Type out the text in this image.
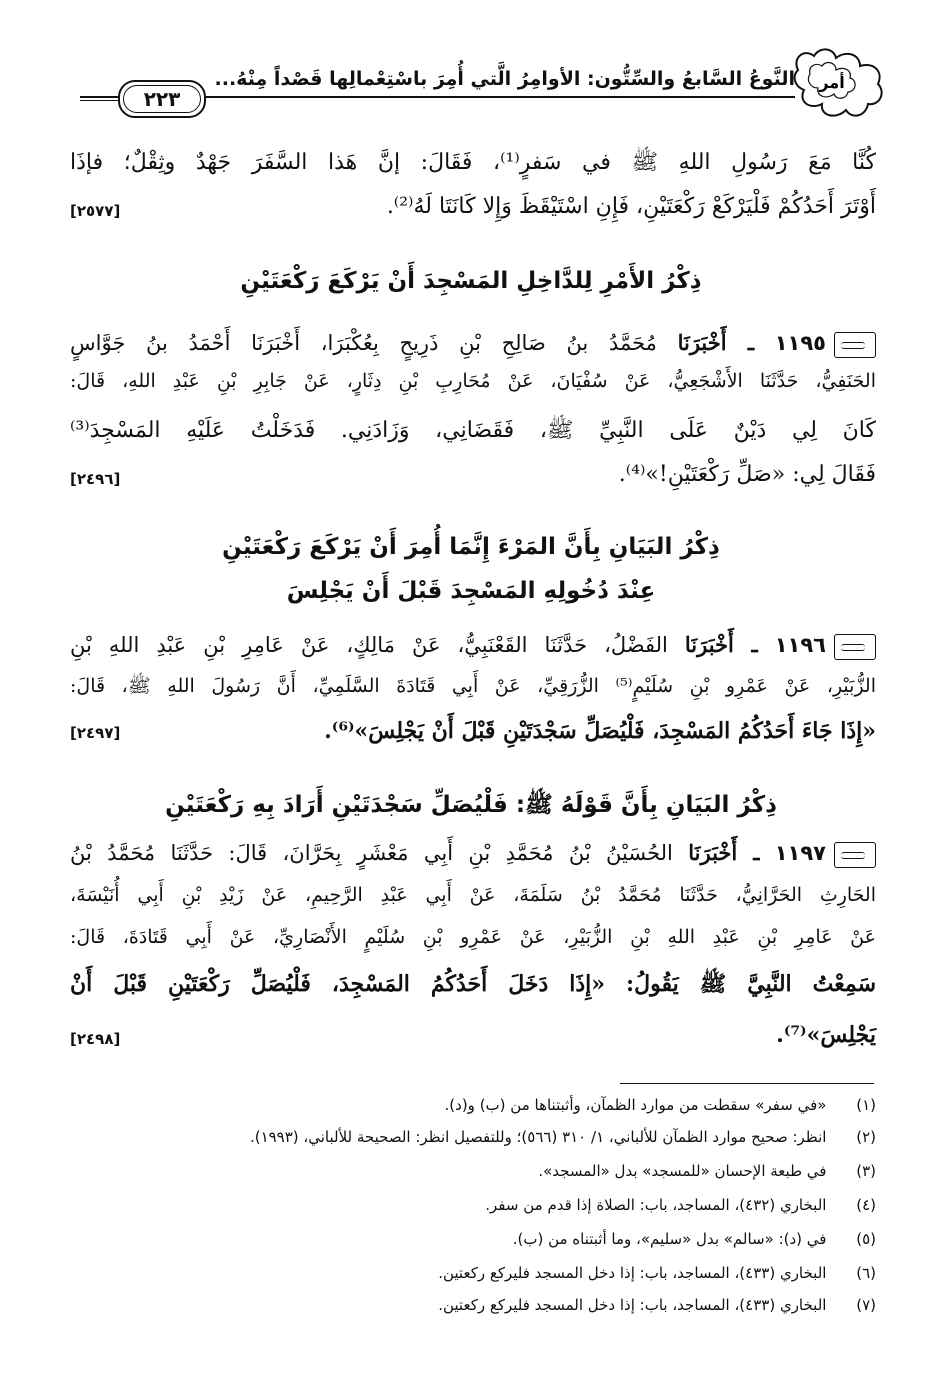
أمر
النَّوعُ السَّابعُ والسِّتُّون: الأوامِرُ الَّتي أُمِرَ باسْتِعْمالِها قَصْداً مِنْهُ...
٢٢٣
كُنَّا مَعَ رَسُولِ اللهِ ﷺ في سَفرٍ⁽¹⁾، فَقَالَ: إنَّ هَذا السَّفَرَ جَهْدٌ وثِقْلٌ؛ فإذَا
أَوْتَرَ أَحَدُكُمْ فَلْيَرْكَعْ رَكْعَتَيْنِ، فَإِنِ اسْتَيْقَظَ وَإِلا كَانَتَا لَهُ⁽²⁾.
[٢٥٧٧]
ذِكْرُ الأَمْرِ لِلدَّاخِلِ المَسْجِدَ أَنْ يَرْكَعَ رَكْعَتَيْنِ
١١٩٥ ـ أَخْبَرَنَا مُحَمَّدُ بنُ صَالِحِ بْنِ ذَرِيحٍ بِعُكْبَرَا، أَخْبَرَنَا أَحْمَدُ بنُ جَوَّاسٍ
الحَنَفِيُّ، حَدَّثَنَا الأَشْجَعِيُّ، عَنْ سُفْيَانَ، عَنْ مُحَارِبِ بْنِ دِثَارٍ، عَنْ جَابِرِ بْنِ عَبْدِ اللهِ، قَالَ:
كَانَ لِي دَيْنٌ عَلَى النَّبِيِّ ﷺ، فَقَضَانِي، وَزَادَنِي. فَدَخَلْتُ عَلَيْهِ المَسْجِدَ⁽³⁾
فَقَالَ لِي: «صَلِّ رَكْعَتَيْنِ!»⁽⁴⁾.
[٢٤٩٦]
ذِكْرُ البَيَانِ بِأَنَّ المَرْءَ إِنَّمَا أُمِرَ أَنْ يَرْكَعَ رَكْعَتَيْنِ
عِنْدَ دُخُولِهِ المَسْجِدَ قَبْلَ أَنْ يَجْلِسَ
١١٩٦ ـ أَخْبَرَنَا الفَضْلُ، حَدَّثَنَا القَعْنَبِيُّ، عَنْ مَالِكٍ، عَنْ عَامِرِ بْنِ عَبْدِ اللهِ بْنِ
الزُّبَيْرِ، عَنْ عَمْرِو بْنِ سُلَيْمٍ⁽⁵⁾ الزُّرَقِيِّ، عَنْ أَبِي قَتَادَةَ السَّلَمِيِّ، أَنَّ رَسُولَ اللهِ ﷺ، قَالَ:
«إِذَا جَاءَ أَحَدُكُمُ المَسْجِدَ، فَلْيُصَلِّ سَجْدَتَيْنِ قَبْلَ أَنْ يَجْلِسَ»⁽⁶⁾.
[٢٤٩٧]
ذِكْرُ البَيَانِ بِأَنَّ قَوْلَهُ ﷺ: فَلْيُصَلِّ سَجْدَتَيْنِ أَرَادَ بِهِ رَكْعَتَيْنِ
١١٩٧ ـ أَخْبَرَنَا الحُسَيْنُ بْنُ مُحَمَّدِ بْنِ أَبِي مَعْشَرٍ بِحَرَّانَ، قَالَ: حَدَّثَنَا مُحَمَّدُ بْنُ
الحَارِثِ الحَرَّانِيُّ، حَدَّثَنَا مُحَمَّدُ بْنُ سَلَمَةَ، عَنْ أَبِي عَبْدِ الرَّحِيمِ، عَنْ زَيْدِ بْنِ أَبِي أُنَيْسَةَ،
عَنْ عَامِرِ بْنِ عَبْدِ اللهِ بْنِ الزُّبَيْرِ، عَنْ عَمْرِو بْنِ سُلَيْمٍ الأَنْصَارِيِّ، عَنْ أَبِي قَتَادَةَ، قَالَ:
سَمِعْتُ النَّبِيَّ ﷺ يَقُولُ: «إِذَا دَخَلَ أَحَدُكُمُ المَسْجِدَ، فَلْيُصَلِّ رَكْعَتَيْنِ قَبْلَ أَنْ
يَجْلِسَ»⁽⁷⁾.
[٢٤٩٨]
(١)  «في سفر» سقطت من موارد الظمآن، وأثبتناها من (ب) و(د).
(٢)  انظر: صحيح موارد الظمآن للألباني، ١/ ٣١٠ (٥٦٦)؛ وللتفصيل انظر: الصحيحة للألباني، (١٩٩٣).
(٣)  في طبعة الإحسان «للمسجد» بدل «المسجد».
(٤)  البخاري (٤٣٢)، المساجد، باب: الصلاة إذا قدم من سفر.
(٥)  في (د): «سالم» بدل «سليم»، وما أثبتناه من (ب).
(٦)  البخاري (٤٣٣)، المساجد، باب: إذا دخل المسجد فليركع ركعتين.
(٧)  البخاري (٤٣٣)، المساجد، باب: إذا دخل المسجد فليركع ركعتين.
